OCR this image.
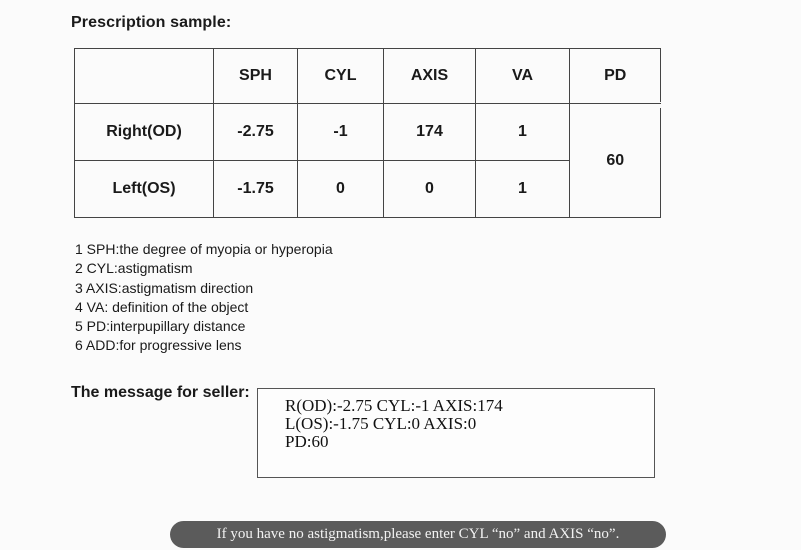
Prescription sample:
	SPH	CYL	AXIS	VA	PD
Right(OD)	-2.75	-1	174	1	60
Left(OS)	-1.75	0	0	1	
1 SPH:the degree of myopia or hyperopia
2 CYL:astigmatism
3 AXIS:astigmatism direction
4 VA: definition of the object
5 PD:interpupillary distance
6 ADD:for progressive lens
The message for seller:
R(OD):-2.75 CYL:-1 AXIS:174
L(OS):-1.75 CYL:0 AXIS:0
PD:60
If you have no astigmatism,please enter CYL “no” and AXIS “no”.
